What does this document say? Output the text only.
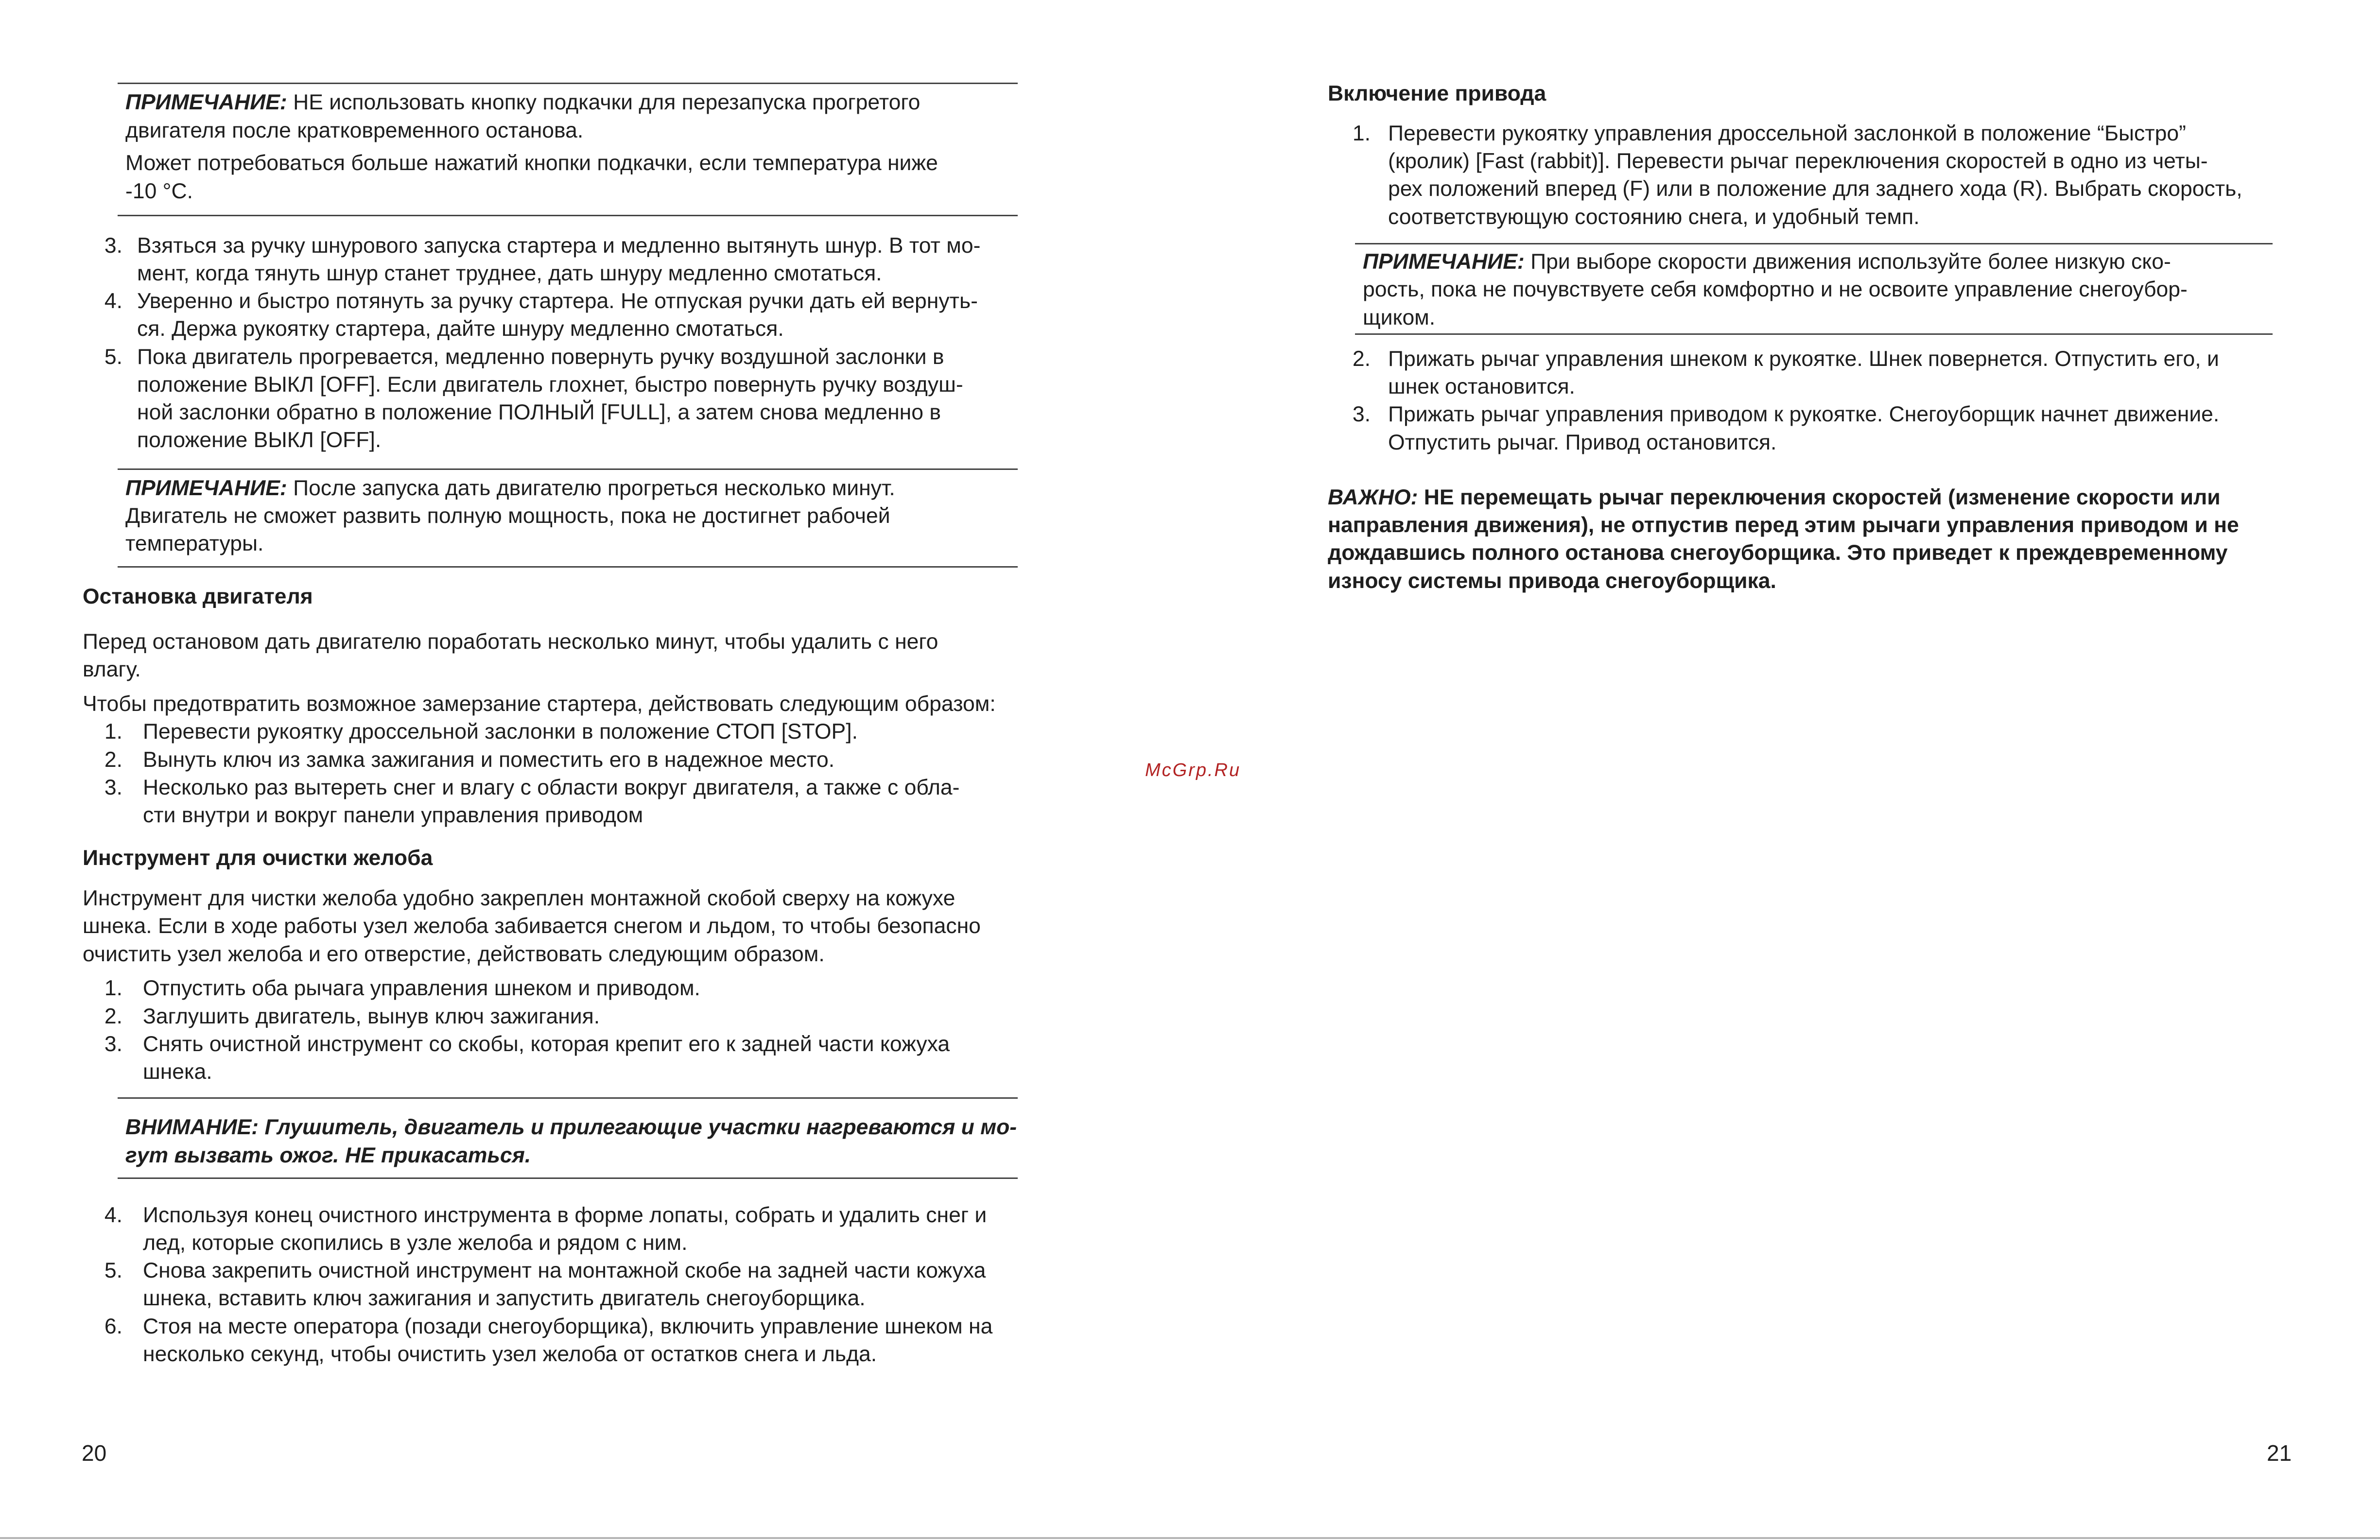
ПРИМЕЧАНИЕ: НЕ использовать кнопку подкачки для перезапуска прогретого
двигателя после кратковременного останова.
Может потребоваться больше нажатий кнопки подкачки, если температура ниже
-10 °C.
3. Взяться за ручку шнурового запуска стартера и медленно вытянуть шнур. В тот мо-
мент, когда тянуть шнур станет труднее, дать шнуру медленно смотаться.
4. Уверенно и быстро потянуть за ручку стартера. Не отпуская ручки дать ей вернуть-
ся. Держа рукоятку стартера, дайте шнуру медленно смотаться.
5. Пока двигатель прогревается, медленно повернуть ручку воздушной заслонки в
положение ВЫКЛ [OFF]. Если двигатель глохнет, быстро повернуть ручку воздуш-
ной заслонки обратно в положение ПОЛНЫЙ [FULL], а затем снова медленно в
положение ВЫКЛ [OFF].
ПРИМЕЧАНИЕ: После запуска дать двигателю прогреться несколько минут.
Двигатель не сможет развить полную мощность, пока не достигнет рабочей
температуры.
Остановка двигателя
Перед остановом дать двигателю поработать несколько минут, чтобы удалить с него
влагу.
Чтобы предотвратить возможное замерзание стартера, действовать следующим образом:
1. Перевести рукоятку дроссельной заслонки в положение СТОП [STOP].
2. Вынуть ключ из замка зажигания и поместить его в надежное место.
3. Несколько раз вытереть снег и влагу с области вокруг двигателя, а также с обла-
сти внутри и вокруг панели управления приводом
Инструмент для очистки желоба
Инструмент для чистки желоба удобно закреплен монтажной скобой сверху на кожухе
шнека. Если в ходе работы узел желоба забивается снегом и льдом, то чтобы безопасно
очистить узел желоба и его отверстие, действовать следующим образом.
1. Отпустить оба рычага управления шнеком и приводом.
2. Заглушить двигатель, вынув ключ зажигания.
3. Снять очистной инструмент со скобы, которая крепит его к задней части кожуха
шнека.
ВНИМАНИЕ: Глушитель, двигатель и прилегающие участки нагреваются и мо-
гут вызвать ожог. НЕ прикасаться.
4. Используя конец очистного инструмента в форме лопаты, собрать и удалить снег и
лед, которые скопились в узле желоба и рядом с ним.
5. Снова закрепить очистной инструмент на монтажной скобе на задней части кожуха
шнека, вставить ключ зажигания и запустить двигатель снегоуборщика.
6. Стоя на месте оператора (позади снегоуборщика), включить управление шнеком на
несколько секунд, чтобы очистить узел желоба от остатков снега и льда.
20
McGrp.Ru
Включение привода
1. Перевести рукоятку управления дроссельной заслонкой в положение “Быстро”
(кролик) [Fast (rabbit)]. Перевести рычаг переключения скоростей в одно из четы-
рех положений вперед (F) или в положение для заднего хода (R). Выбрать скорость,
соответствующую состоянию снега, и удобный темп.
ПРИМЕЧАНИЕ: При выборе скорости движения используйте более низкую ско-
рость, пока не почувствуете себя комфортно и не освоите управление снегоубор-
щиком.
2. Прижать рычаг управления шнеком к рукоятке. Шнек повернется. Отпустить его, и
шнек остановится.
3. Прижать рычаг управления приводом к рукоятке. Снегоуборщик начнет движение.
Отпустить рычаг. Привод остановится.
ВАЖНО: НЕ перемещать рычаг переключения скоростей (изменение скорости или
направления движения), не отпустив перед этим рычаги управления приводом и не
дождавшись полного останова снегоуборщика. Это приведет к преждевременному
износу системы привода снегоуборщика.
21
